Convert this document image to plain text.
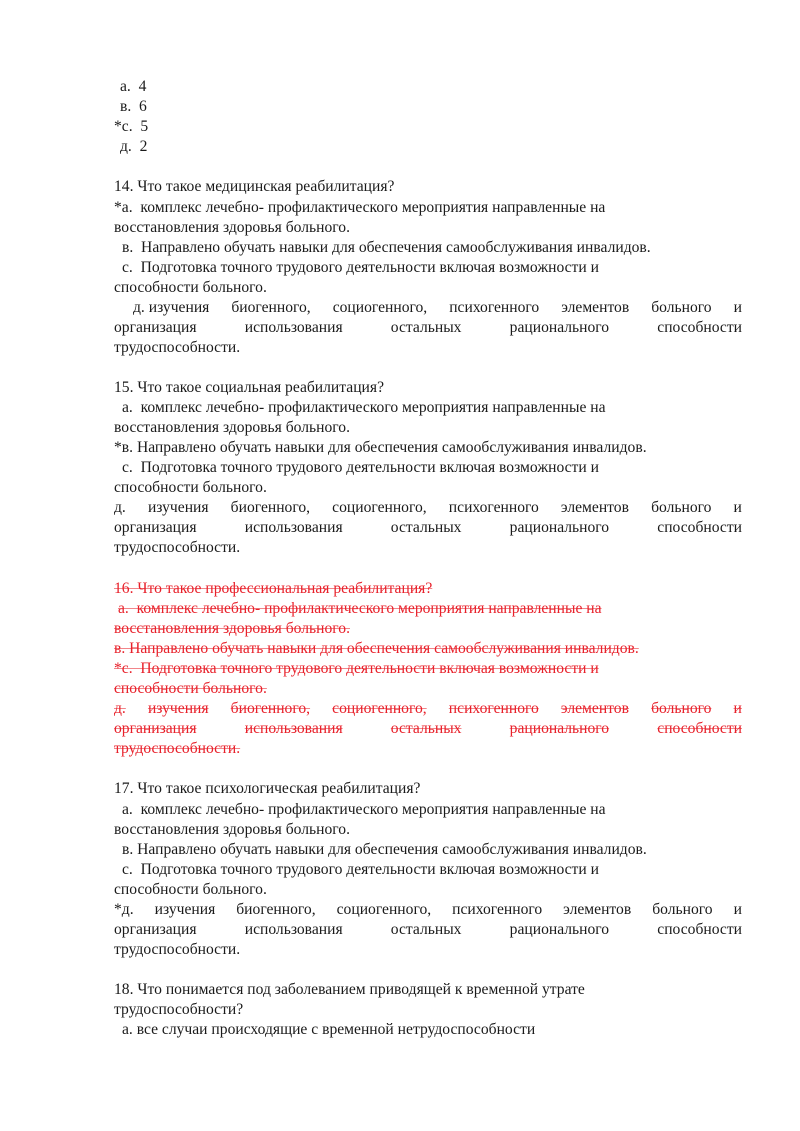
a.  4
в.  6
*с.  5
д.  2
14. Что такое медицинская реабилитация?
*а.  комплекс лечебно- профилактического мероприятия направленные на
восстановления здоровья больного.
в.  Направлено обучать навыки для обеспечения самообслуживания инвалидов.
с.  Подготовка точного трудового деятельности включая возможности и
способности больного.
д. изучения биогенного, социогенного, психогенного элементов больного и
организация	использования	остальных	рационального	способности
трудоспособности.
15. Что такое социальная реабилитация?
а.  комплекс лечебно- профилактического мероприятия направленные на
восстановления здоровья больного.
*в. Направлено обучать навыки для обеспечения самообслуживания инвалидов.
с.  Подготовка точного трудового деятельности включая возможности и
способности больного.
д. изучения биогенного, социогенного, психогенного элементов больного и
организация	использования	остальных	рационального	способности
трудоспособности.
16. Что такое профессиональная реабилитация?
а.  комплекс лечебно- профилактического мероприятия направленные на
восстановления здоровья больного.
в. Направлено обучать навыки для обеспечения самообслуживания инвалидов.
*с.  Подготовка точного трудового деятельности включая возможности и
способности больного.
д. изучения биогенного, социогенного, психогенного элементов больного и
организация	использования	остальных	рационального	способности
трудоспособности.
17. Что такое психологическая реабилитация?
а.  комплекс лечебно- профилактического мероприятия направленные на
восстановления здоровья больного.
в. Направлено обучать навыки для обеспечения самообслуживания инвалидов.
с.  Подготовка точного трудового деятельности включая возможности и
способности больного.
*д. изучения биогенного, социогенного, психогенного элементов больного и
организация	использования	остальных	рационального	способности
трудоспособности.
18. Что понимается под заболеванием приводящей к временной утрате
трудоспособности?
а. все случаи происходящие с временной нетрудоспособности
